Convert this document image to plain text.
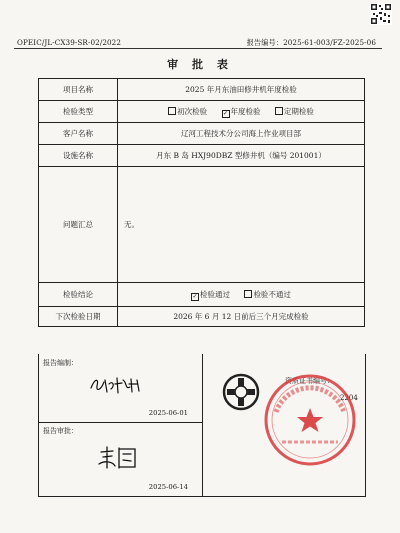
OPEIC/JL-CX39-SR-02/2022	报告编号：2025-61-003/FZ-2025-06
审 批 表
项目名称	2025 年月东油田修井机年度检验
检验类型	初次检验 ✓ 年度检验 定期检验
客户名称	辽河工程技术分公司海上作业项目部
设施名称	月东 B 岛 HXJ90DBZ 型修井机（编号 201001）
问题汇总	无。
检验结论	✓ 检验通过 检验不通过
下次检验日期	2026 年 6 月 12 日前后三个月完成检验
报告编制：
2025-06-01
报告审批：
2025-06-14
资质证书编号：
2204
